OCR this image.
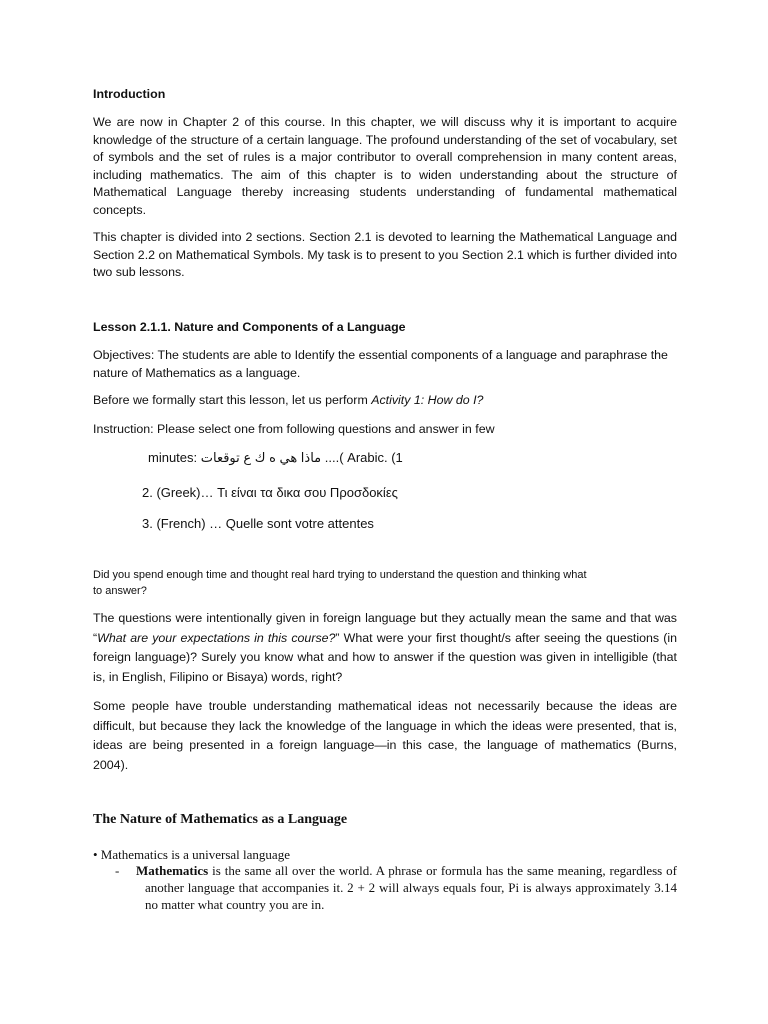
Introduction

We are now in Chapter 2 of this course. In this chapter, we will discuss why it is important to acquire knowledge of the structure of a certain language. The profound understanding of the set of vocabulary, set of symbols and the set of rules is a major contributor to overall comprehension in many content areas, including mathematics. The aim of this chapter is to widen understanding about the structure of Mathematical Language thereby increasing students understanding of fundamental mathematical concepts.

This chapter is divided into 2 sections. Section 2.1 is devoted to learning the Mathematical Language and Section 2.2 on Mathematical Symbols. My task is to present to you Section 2.1 which is further divided into two sub lessons.

Lesson 2.1.1. Nature and Components of a Language

Objectives: The students are able to Identify the essential components of a language and paraphrase the nature of Mathematics as a language.

Before we formally start this lesson, let us perform Activity 1: How do I?

Instruction: Please select one from following questions and answer in few

minutes: ماذا هي ه ك ع توقعات ....( Arabic. (1

2. (Greek)… Τι είναι τα δικα σου Προσδοκίες

3. (French) … Quelle sont votre attentes

Did you spend enough time and thought real hard trying to understand the question and thinking what

to answer?

The questions were intentionally given in foreign language but they actually mean the same and that was “What are your expectations in this course?” What were your first thought/s after seeing the questions (in foreign language)? Surely you know what and how to answer if the question was given in intelligible (that is, in English, Filipino or Bisaya) words, right?

Some people have trouble understanding mathematical ideas not necessarily because the ideas are difficult, but because they lack the knowledge of the language in which the ideas were presented, that is, ideas are being presented in a foreign language—in this case, the language of mathematics (Burns, 2004).

The Nature of Mathematics as a Language

• Mathematics is a universal language

- Mathematics is the same all over the world. A phrase or formula has the same meaning, regardless of another language that accompanies it. 2 + 2 will always equals four, Pi is always approximately 3.14 no matter what country you are in.
